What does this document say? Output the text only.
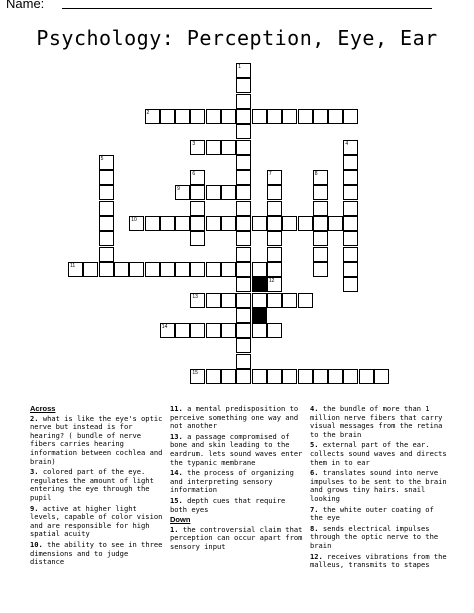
Name:
Psychology: Perception, Eye, Ear
1
2
3	4
5
6	7
12
8
9
10
11
13
14
15
Across
2. what is like the eye's optic nerve but instead is for hearing? ( bundle of nerve fibers carries hearing information between cochlea and brain)
3. colored part of the eye. regulates the amount of light entering the eye through the pupil
9. active at higher light levels, capable of color vision and are responsible for high spatial acuity
10. the ability to see in three dimensions and to judge distance
11. a mental predisposition to perceive something one way and not another
13. a passage compromised of bone and skin leading to the eardrum. lets sound waves enter the typanic membrane
14. the process of organizing and interpreting sensory information
15. depth cues that require both eyes
Down
1. the controversial claim that perception can occur apart from sensory input
4. the bundle of more than 1 million nerve fibers that carry visual messages from the retina to the brain
5. external part of the ear. collects sound waves and directs them in to ear
6. translates sound into nerve impulses to be sent to the brain and grows tiny hairs. snail looking
7. the white outer coating of the eye
8. sends electrical impulses through the optic nerve to the brain
12. receives vibrations from the malleus, transmits to stapes
